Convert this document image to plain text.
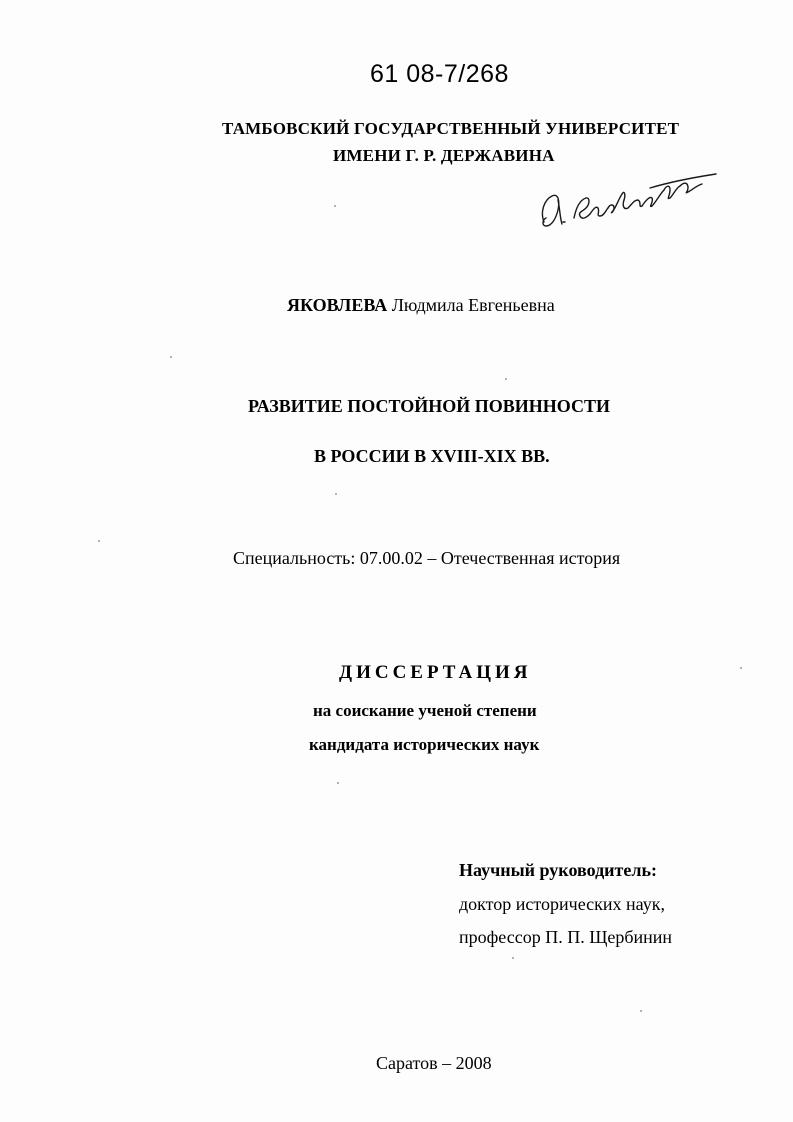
61 08-7/268
ТАМБОВСКИЙ ГОСУДАРСТВЕННЫЙ УНИВЕРСИТЕТ
ИМЕНИ Г. Р. ДЕРЖАВИНА
ЯКОВЛЕВА Людмила Евгеньевна
РАЗВИТИЕ ПОСТОЙНОЙ ПОВИННОСТИ
В РОССИИ В XVIII-XIX ВВ.
Специальность: 07.00.02 – Отечественная история
ДИССЕРТАЦИЯ
на соискание ученой степени
кандидата исторических наук
Научный руководитель:
доктор исторических наук,
профессор П. П. Щербинин
Саратов – 2008
